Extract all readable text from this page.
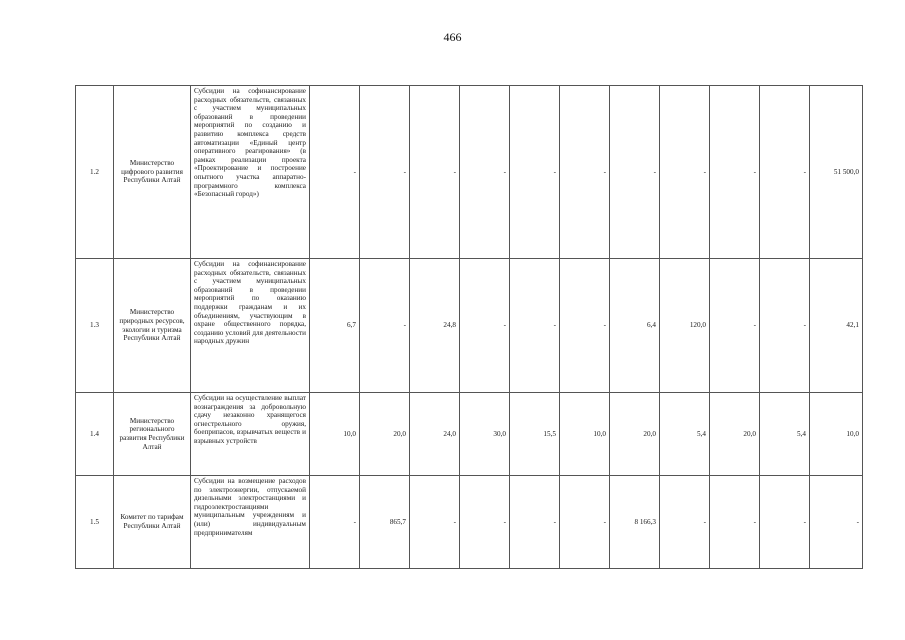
466
1.2	Министерство цифрового развития Республики Алтай	Субсидии на софинансирование расходных обязательств, связанных с участием муниципальных образований в проведении мероприятий по созданию и развитию комплекса средств автоматизации «Единый центр оперативного реагирования» (в рамках реализации проекта «Проектирование и построение опытного участка аппаратно-программного комплекса «Безопасный город»)	-	-	-	-	-	-	-	-	-	-	51 500,0
1.3	Министерство природных ресурсов, экологии и туризма Республики Алтай	Субсидии на софинансирование расходных обязательств, связанных с участием муниципальных образований в проведении мероприятий по оказанию поддержки гражданам и их объединениям, участвующим в охране общественного порядка, созданию условий для деятельности народных дружин	6,7	-	24,8	-	-	-	6,4	120,0	-	-	42,1
1.4	Министерство регионального развития Республики Алтай	Субсидии на осуществление выплат вознаграждения за добровольную сдачу незаконно хранящегося огнестрельного оружия, боеприпасов, взрывчатых веществ и взрывных устройств	10,0	20,0	24,0	30,0	15,5	10,0	20,0	5,4	20,0	5,4	10,0
1.5	Комитет по тарифам Республики Алтай	Субсидии на возмещение расходов по электроэнергии, отпускаемой дизельными электростанциями и гидроэлектростанциями муниципальным учреждениям и (или) индивидуальным предпринимателям	-	865,7	-	-	-	-	8 166,3	-	-	-	-
